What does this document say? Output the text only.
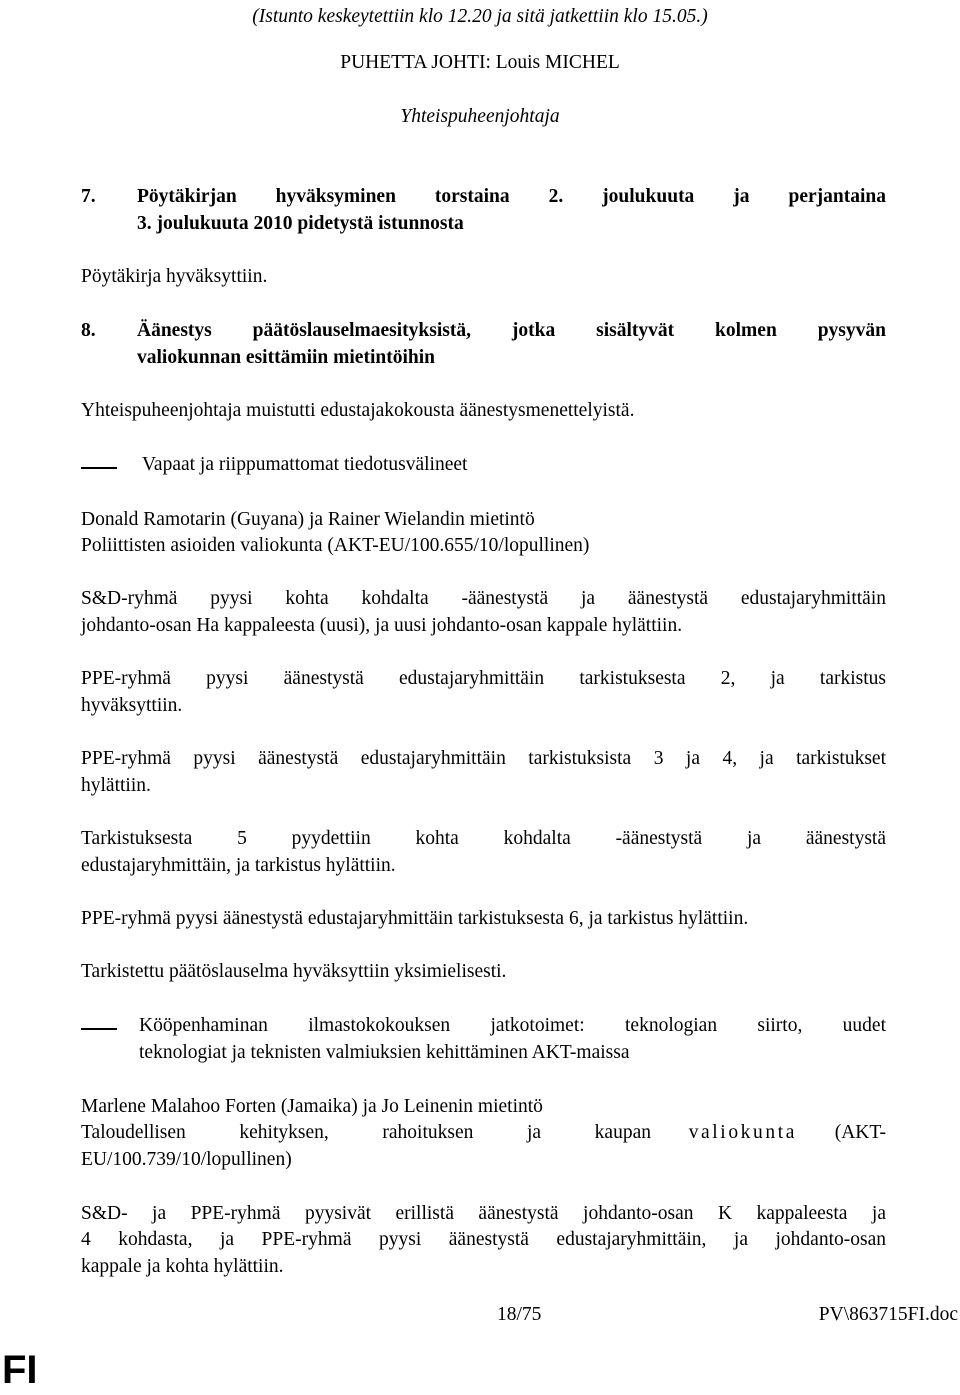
(Istunto keskeytettiin klo 12.20 ja sitä jatkettiin klo 15.05.)
PUHETTA JOHTI: Louis MICHEL
Yhteispuheenjohtaja
7. Pöytäkirjan hyväksyminen torstaina 2. joulukuuta ja perjantaina
3. joulukuuta 2010 pidetystä istunnosta
Pöytäkirja hyväksyttiin.
8. Äänestys päätöslauselmaesityksistä, jotka sisältyvät kolmen pysyvän
valiokunnan esittämiin mietintöihin
Yhteispuheenjohtaja muistutti edustajakokousta äänestysmenettelyistä.
Vapaat ja riippumattomat tiedotusvälineet
Donald Ramotarin (Guyana) ja Rainer Wielandin mietintö
Poliittisten asioiden valiokunta (AKT-EU/100.655/10/lopullinen)
S&D-ryhmä pyysi kohta kohdalta -äänestystä ja äänestystä edustajaryhmittäin
johdanto-osan Ha kappaleesta (uusi), ja uusi johdanto-osan kappale hylättiin.
PPE-ryhmä pyysi äänestystä edustajaryhmittäin tarkistuksesta 2, ja tarkistus
hyväksyttiin.
PPE-ryhmä pyysi äänestystä edustajaryhmittäin tarkistuksista 3 ja 4, ja tarkistukset
hylättiin.
Tarkistuksesta 5 pyydettiin kohta kohdalta -äänestystä ja äänestystä
edustajaryhmittäin, ja tarkistus hylättiin.
PPE-ryhmä pyysi äänestystä edustajaryhmittäin tarkistuksesta 6, ja tarkistus hylättiin.
Tarkistettu päätöslauselma hyväksyttiin yksimielisesti.
Kööpenhaminan ilmastokokouksen jatkotoimet: teknologian siirto, uudet
teknologiat ja teknisten valmiuksien kehittäminen AKT-maissa
Marlene Malahoo Forten (Jamaika) ja Jo Leinenin mietintö
Taloudellisen kehityksen, rahoituksen ja kaupan valiokunta (AKT-
EU/100.739/10/lopullinen)
S&D- ja PPE-ryhmä pyysivät erillistä äänestystä johdanto-osan K kappaleesta ja
4 kohdasta, ja PPE-ryhmä pyysi äänestystä edustajaryhmittäin, ja johdanto-osan
kappale ja kohta hylättiin.
18/75	PV\863715FI.doc
FI
